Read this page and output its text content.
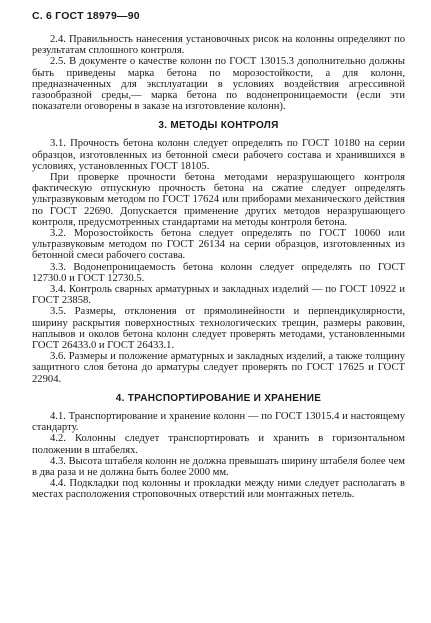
С. 6 ГОСТ 18979—90

2.4. Правильность нанесения установочных рисок на колонны определяют по результатам сплошного контроля.

2.5. В документе о качестве колонн по ГОСТ 13015.3 дополнительно должны быть приведены марка бетона по морозостойкости, а для колонн, предназначенных для эксплуатации в условиях воздействия агрессивной газообразной среды,— марка бетона по водонепроницаемости (если эти показатели оговорены в заказе на изготовление колонн).

3. МЕТОДЫ КОНТРОЛЯ

3.1. Прочность бетона колонн следует определять по ГОСТ 10180 на серии образцов, изготовленных из бетонной смеси рабочего состава и хранившихся в условиях, установленных ГОСТ 18105.

При проверке прочности бетона методами неразрушающего контроля фактическую отпускную прочность бетона на сжатие следует определять ультразвуковым методом по ГОСТ 17624 или приборами механического действия по ГОСТ 22690. Допускается применение других методов неразрушающего контроля, предусмотренных стандартами на методы контроля бетона.

3.2. Морозостойкость бетона следует определять по ГОСТ 10060 или ультразвуковым методом по ГОСТ 26134 на серии образцов, изготовленных из бетонной смеси рабочего состава.

3.3. Водонепроницаемость бетона колонн следует определять по ГОСТ 12730.0 и ГОСТ 12730.5.

3.4. Контроль сварных арматурных и закладных изделий — по ГОСТ 10922 и ГОСТ 23858.

3.5. Размеры, отклонения от прямолинейности и перпендикулярности, ширину раскрытия поверхностных технологических трещин, размеры раковин, наплывов и околов бетона колонн следует проверять методами, установленными ГОСТ 26433.0 и ГОСТ 26433.1.

3.6. Размеры и положение арматурных и закладных изделий, а также толщину защитного слоя бетона до арматуры следует проверять по ГОСТ 17625 и ГОСТ 22904.

4. ТРАНСПОРТИРОВАНИЕ И ХРАНЕНИЕ

4.1. Транспортирование и хранение колонн — по ГОСТ 13015.4 и настоящему стандарту.

4.2. Колонны следует транспортировать и хранить в горизонтальном положении в штабелях.

4.3. Высота штабеля колонн не должна превышать ширину штабеля более чем в два раза и не должна быть более 2000 мм.

4.4. Подкладки под колонны и прокладки между ними следует располагать в местах расположения строповочных отверстий или монтажных петель.
